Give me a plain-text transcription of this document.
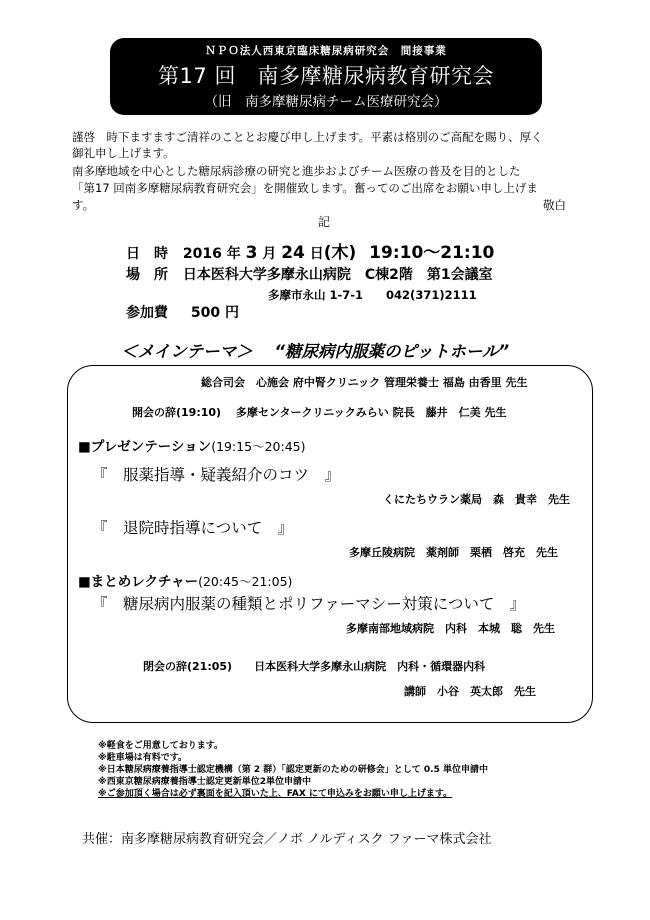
ＮＰＯ法人西東京臨床糖尿病研究会　間接事業
第17 回　南多摩糖尿病教育研究会
（旧　南多摩糖尿病チーム医療研究会）
謹啓　時下ますますご清祥のこととお慶び申し上げます。平素は格別のご高配を賜り、厚く
御礼申し上げます。
南多摩地域を中心とした糖尿病診療の研究と進歩およびチーム医療の普及を目的とした
「第17 回南多摩糖尿病教育研究会」を開催致します。奮ってのご出席をお願い申し上げま
す。	敬白
記
日　時 2016 年 3 月 24 日(木) 19:10～21:10
場　所 日本医科大学多摩永山病院　C棟2階　第1会議室
多摩市永山 1-7-1　　042(371)2111
参加費 500 円
＜メインテーマ＞ “糖尿病内服薬のピットホール”
総合司会　心施会 府中腎クリニック 管理栄養士 福島 由香里 先生
開会の辞(19:10)　 多摩センタークリニックみらい 院長　藤井　仁美 先生
■プレゼンテーション(19:15～20:45)
『　服薬指導・疑義紹介のコツ　』
くにたちウラン薬局　森　貴幸　先生
『　退院時指導について　』
多摩丘陵病院　薬剤師　栗栖　啓充　先生
■まとめレクチャー(20:45～21:05)
『　糖尿病内服薬の種類とポリファーマシー対策について　』
多摩南部地域病院　内科　本城　聡　先生
閉会の辞(21:05)　　日本医科大学多摩永山病院　内科・循環器内科
講師　小谷　英太郎　先生
※軽食をご用意しております。
※駐車場は有料です。
※日本糖尿病療養指導士認定機構（第 2 群）「認定更新のための研修会」として 0.5 単位申請中
※西東京糖尿病療養指導士認定更新単位2単位申請中
※ご参加頂く場合は必ず裏面を記入頂いた上、FAX にて申込みをお願い申し上げます。
共催：南多摩糖尿病教育研究会／ノボ ノルディスク ファーマ株式会社
